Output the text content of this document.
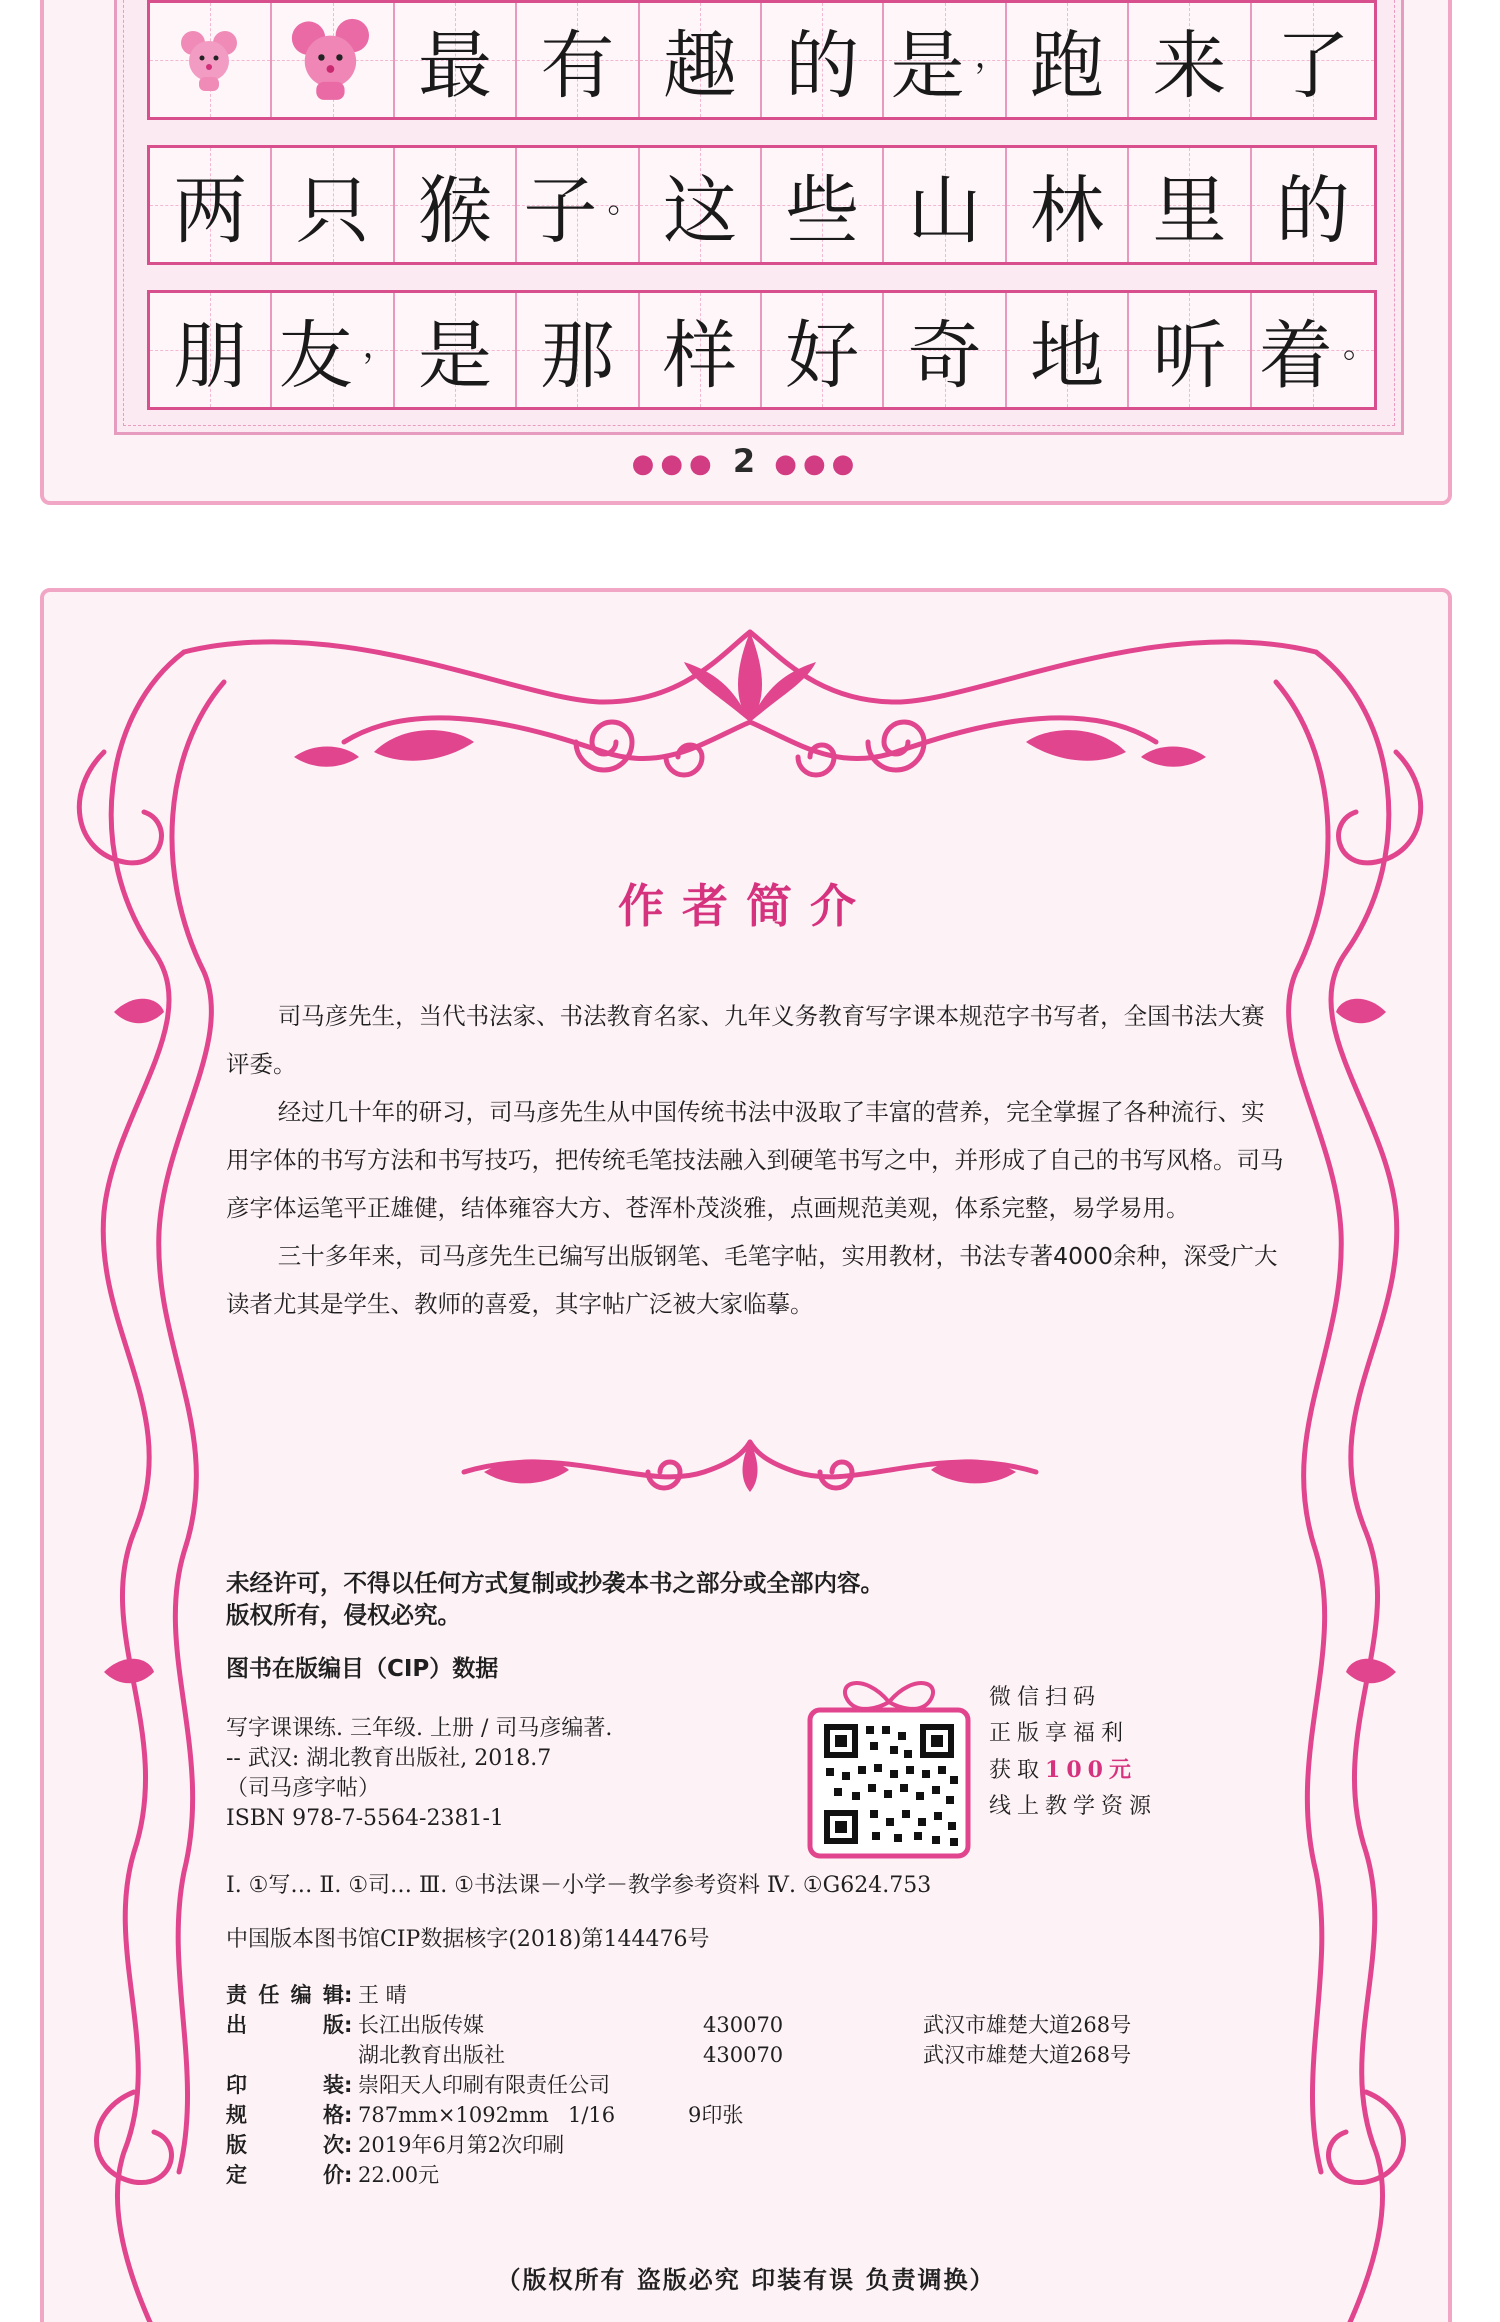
最 有 趣 的 是 ， 跑 来 了
两 只 猴 子 。 这 些 山 林 里 的
朋 友 ， 是 那 样 好 奇 地 听 着 。
●●● 2 ●●●
作者简介

司马彦先生，当代书法家、书法教育名家、九年义务教育写字课本规范字书写者，全国书法大赛评委。

经过几十年的研习，司马彦先生从中国传统书法中汲取了丰富的营养，完全掌握了各种流行、实用字体的书写方法和书写技巧，把传统毛笔技法融入到硬笔书写之中，并形成了自己的书写风格。司马彦字体运笔平正雄健，结体雍容大方、苍浑朴茂淡雅，点画规范美观，体系完整，易学易用。

三十多年来，司马彦先生已编写出版钢笔、毛笔字帖，实用教材，书法专著4000余种，深受广大读者尤其是学生、教师的喜爱，其字帖广泛被大家临摹。

未经许可，不得以任何方式复制或抄袭本书之部分或全部内容。
版权所有，侵权必究。
图书在版编目（CIP）数据
写字课课练. 三年级. 上册 / 司马彦编著.
-- 武汉: 湖北教育出版社, 2018.7
（司马彦字帖）
ISBN 978-7-5564-2381-1
微信扫码
正版享福利
获取100元
线上教学资源
Ⅰ. ①写… Ⅱ. ①司… Ⅲ. ①书法课－小学－教学参考资料 Ⅳ. ①G624.753
中国版本图书馆CIP数据核字(2018)第144476号
责任编辑 : 王 晴
出　版 : 长江出版传媒	430070	武汉市雄楚大道268号
湖北教育出版社	430070	武汉市雄楚大道268号
印　装 : 崇阳天人印刷有限责任公司
规　格 : 787mm×1092mm 1/16	9印张
版　次 : 2019年6月第2次印刷
定　价 : 22.00元
（版权所有 盗版必究 印装有误 负责调换）
